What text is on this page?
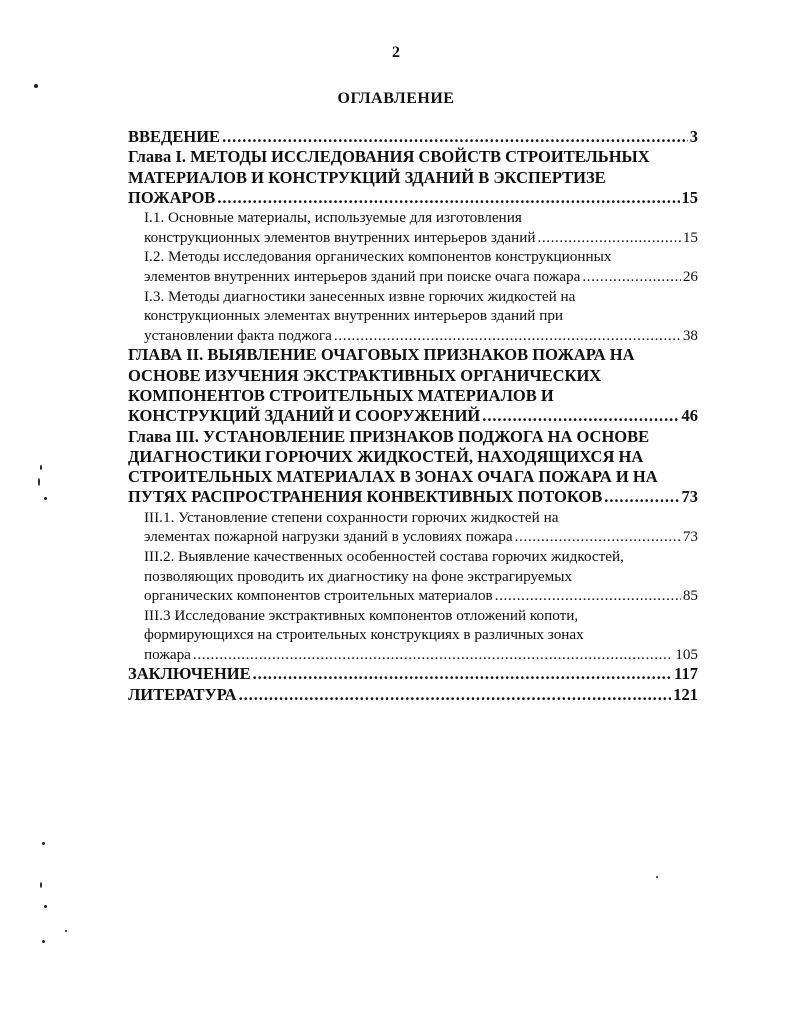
2
ОГЛАВЛЕНИЕ
ВВЕДЕНИЕ . . .	3
Глава I. МЕТОДЫ ИССЛЕДОВАНИЯ СВОЙСТВ СТРОИТЕЛЬНЫХ
МАТЕРИАЛОВ И КОНСТРУКЦИЙ ЗДАНИЙ В ЭКСПЕРТИЗЕ
ПОЖАРОВ . . .	15
I.1. Основные материалы, используемые для изготовления
конструкционных элементов внутренних интерьеров зданий . . .	15
I.2. Методы исследования органических компонентов конструкционных
элементов внутренних интерьеров зданий при поиске очага пожара . . .	26
I.3. Методы диагностики занесенных извне горючих жидкостей на
конструкционных элементах внутренних интерьеров зданий при
установлении факта поджога . . .	38
ГЛАВА II. ВЫЯВЛЕНИЕ ОЧАГОВЫХ ПРИЗНАКОВ ПОЖАРА НА
ОСНОВЕ ИЗУЧЕНИЯ ЭКСТРАКТИВНЫХ ОРГАНИЧЕСКИХ
КОМПОНЕНТОВ СТРОИТЕЛЬНЫХ МАТЕРИАЛОВ И
КОНСТРУКЦИЙ ЗДАНИЙ И СООРУЖЕНИЙ . . .	46
Глава III. УСТАНОВЛЕНИЕ ПРИЗНАКОВ ПОДЖОГА НА ОСНОВЕ
ДИАГНОСТИКИ ГОРЮЧИХ ЖИДКОСТЕЙ, НАХОДЯЩИХСЯ НА
СТРОИТЕЛЬНЫХ МАТЕРИАЛАХ В ЗОНАХ ОЧАГА ПОЖАРА И НА
ПУТЯХ РАСПРОСТРАНЕНИЯ КОНВЕКТИВНЫХ ПОТОКОВ . . .	73
III.1. Установление степени сохранности горючих жидкостей на
элементах пожарной нагрузки зданий в условиях пожара . . .	73
III.2. Выявление качественных особенностей состава горючих жидкостей,
позволяющих проводить их диагностику на фоне экстрагируемых
органических компонентов строительных материалов . . .	85
III.3 Исследование экстрактивных компонентов отложений копоти,
формирующихся на строительных конструкциях в различных зонах
пожара . . .	105
ЗАКЛЮЧЕНИЕ . . .	117
ЛИТЕРАТУРА . . .	121
